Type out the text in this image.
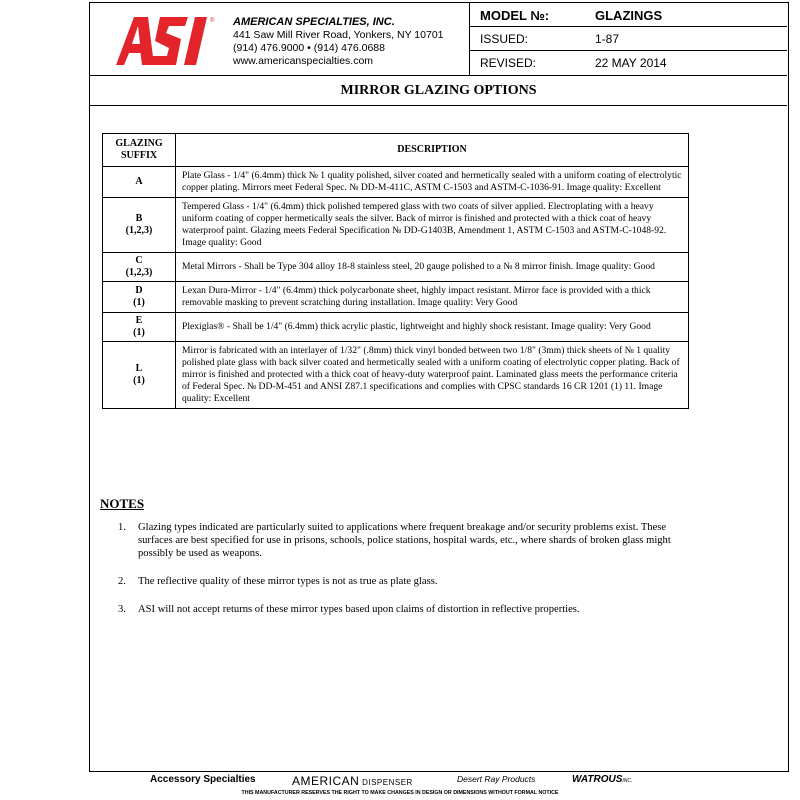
® AMERICAN SPECIALTIES, INC.
441 Saw Mill River Road, Yonkers, NY 10701
(914) 476.9000 • (914) 476.0688
www.americanspecialties.com
MODEL №:	GLAZINGS
ISSUED:	1-87
REVISED:	22 MAY 2014
MIRROR GLAZING OPTIONS
GLAZING
SUFFIX	DESCRIPTION
A	Plate Glass - 1/4" (6.4mm) thick № 1 quality polished, silver coated and hermetically sealed with a uniform coating of electrolytic copper plating. Mirrors meet Federal Spec. № DD-M-411C, ASTM C-1503 and ASTM-C-1036-91. Image quality: Excellent
B
(1,2,3)	Tempered Glass - 1/4" (6.4mm) thick polished tempered glass with two coats of silver applied. Electroplating with a heavy uniform coating of copper hermetically seals the silver. Back of mirror is finished and protected with a thick coat of heavy waterproof paint. Glazing meets Federal Specification № DD-G1403B, Amendment 1, ASTM C-1503 and ASTM-C-1048-92. Image quality: Good
C
(1,2,3)	Metal Mirrors - Shall be Type 304 alloy 18-8 stainless steel, 20 gauge polished to a № 8 mirror finish. Image quality: Good
D
(1)	Lexan Dura-Mirror - 1/4" (6.4mm) thick polycarbonate sheet, highly impact resistant. Mirror face is provided with a thick removable masking to prevent scratching during installation. Image quality: Very Good
E
(1)	Plexiglas® - Shall be 1/4" (6.4mm) thick acrylic plastic, lightweight and highly shock resistant. Image quality: Very Good
L
(1)	Mirror is fabricated with an interlayer of 1/32" (.8mm) thick vinyl bonded between two 1/8" (3mm) thick sheets of № 1 quality polished plate glass with back silver coated and hermetically sealed with a uniform coating of electrolytic copper plating. Back of mirror is finished and protected with a thick coat of heavy-duty waterproof paint. Laminated glass meets the performance criteria of Federal Spec. № DD-M-451 and ANSI Z87.1 specifications and complies with CPSC standards 16 CR 1201 (1) 11. Image quality: Excellent
NOTES
1. Glazing types indicated are particularly suited to applications where frequent breakage and/or security problems exist. These surfaces are best specified for use in prisons, schools, police stations, hospital wards, etc., where shards of broken glass might possibly be used as weapons.
2. The reflective quality of these mirror types is not as true as plate glass.
3. ASI will not accept returns of these mirror types based upon claims of distortion in reflective properties.
Accessory Specialties	AMERICAN DISPENSER	Desert Ray Products	WATROUSINC.
THIS MANUFACTURER RESERVES THE RIGHT TO MAKE CHANGES IN DESIGN OR DIMENSIONS WITHOUT FORMAL NOTICE
